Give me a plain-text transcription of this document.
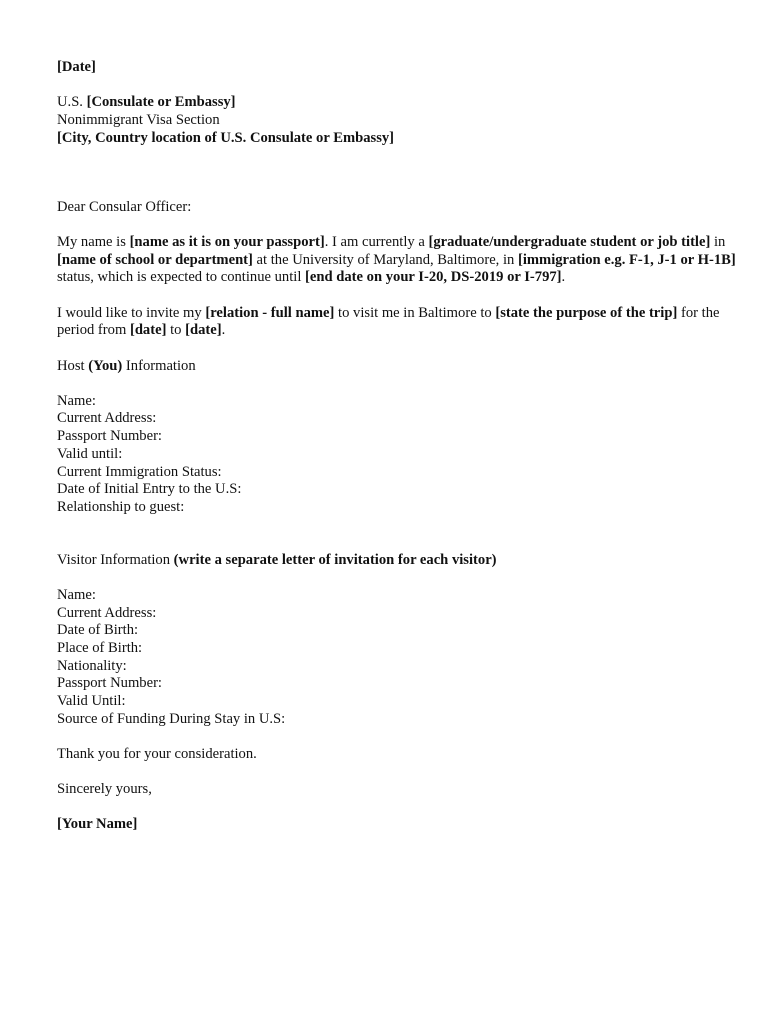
[Date]

U.S. [Consulate or Embassy]

Nonimmigrant Visa Section

[City, Country location of U.S. Consulate or Embassy]

Dear Consular Officer:

My name is [name as it is on your passport]. I am currently a [graduate/undergraduate student or job title] in [name of school or department] at the University of Maryland, Baltimore, in [immigration e.g. F-1, J-1 or H-1B] status, which is expected to continue until [end date on your I-20, DS-2019 or I-797].

I would like to invite my [relation - full name] to visit me in Baltimore to [state the purpose of the trip] for the period from [date] to [date].

Host (You) Information

Name:

Current Address:

Passport Number:

Valid until:

Current Immigration Status:

Date of Initial Entry to the U.S:

Relationship to guest:

Visitor Information (write a separate letter of invitation for each visitor)

Name:

Current Address:

Date of Birth:

Place of Birth:

Nationality:

Passport Number:

Valid Until:

Source of Funding During Stay in U.S:

Thank you for your consideration.

Sincerely yours,

[Your Name]
